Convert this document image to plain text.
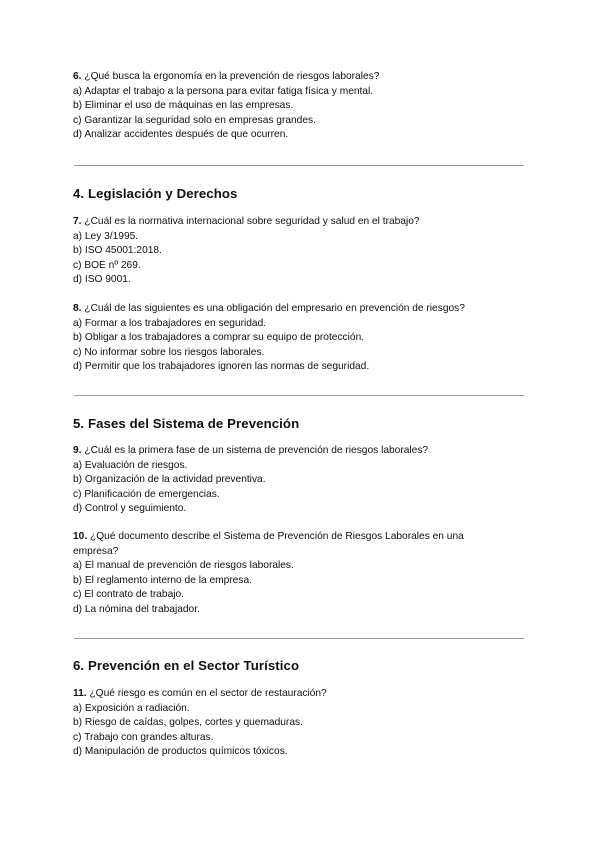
6. ¿Qué busca la ergonomía en la prevención de riesgos laborales?

a) Adaptar el trabajo a la persona para evitar fatiga física y mental.

b) Eliminar el uso de máquinas en las empresas.

c) Garantizar la seguridad solo en empresas grandes.

d) Analizar accidentes después de que ocurren.

4. Legislación y Derechos

7. ¿Cuál es la normativa internacional sobre seguridad y salud en el trabajo?

a) Ley 3/1995.

b) ISO 45001:2018.

c) BOE nº 269.

d) ISO 9001.

8. ¿Cuál de las siguientes es una obligación del empresario en prevención de riesgos?

a) Formar a los trabajadores en seguridad.

b) Obligar a los trabajadores a comprar su equipo de protección.

c) No informar sobre los riesgos laborales.

d) Permitir que los trabajadores ignoren las normas de seguridad.

5. Fases del Sistema de Prevención

9. ¿Cuál es la primera fase de un sistema de prevención de riesgos laborales?

a) Evaluación de riesgos.

b) Organización de la actividad preventiva.

c) Planificación de emergencias.

d) Control y seguimiento.

10. ¿Qué documento describe el Sistema de Prevención de Riesgos Laborales en una

empresa?

a) El manual de prevención de riesgos laborales.

b) El reglamento interno de la empresa.

c) El contrato de trabajo.

d) La nómina del trabajador.

6. Prevención en el Sector Turístico

11. ¿Qué riesgo es común en el sector de restauración?

a) Exposición a radiación.

b) Riesgo de caídas, golpes, cortes y quemaduras.

c) Trabajo con grandes alturas.

d) Manipulación de productos químicos tóxicos.
